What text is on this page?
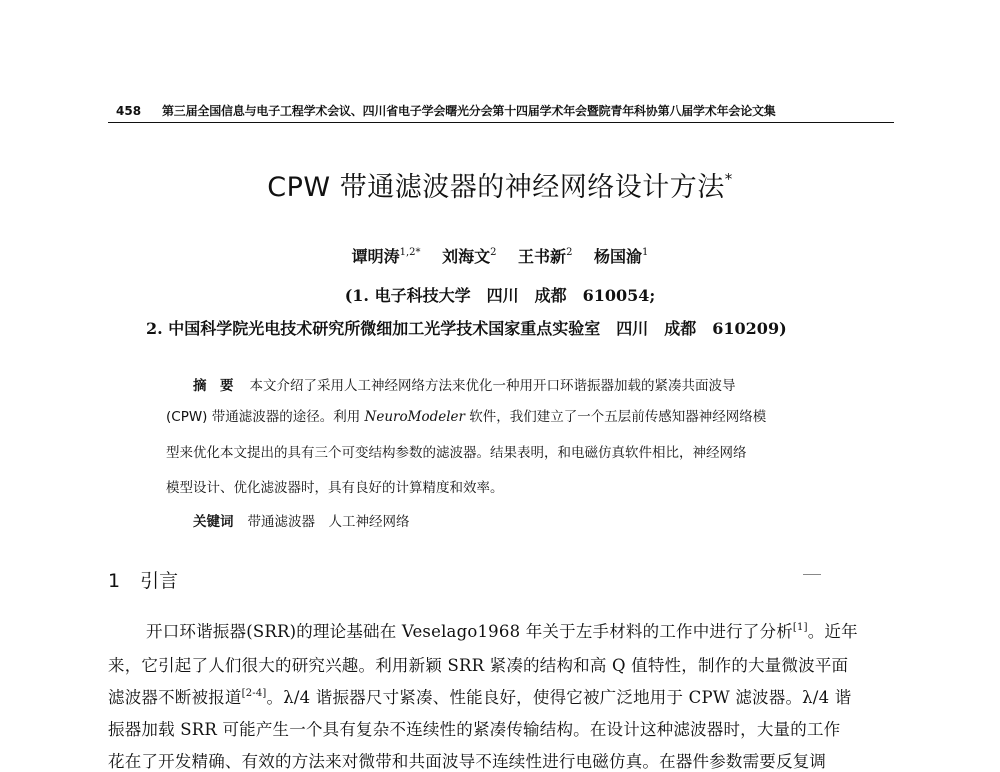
458 第三届全国信息与电子工程学术会议、四川省电子学会曙光分会第十四届学术年会暨院青年科协第八届学术年会论文集
CPW 带通滤波器的神经网络设计方法*
谭明涛$^{1,2*}$ 刘海文$^2$ 王书新$^2$ 杨国渝$^1$
(1. 电子科技大学　四川　成都　610054;
2. 中国科学院光电技术研究所微细加工光学技术国家重点实验室　四川　成都　610209)
摘　要 本文介绍了采用人工神经网络方法来优化一种用开口环谐振器加载的紧凑共面波导
(CPW) 带通滤波器的途径。利用 NeuroModeler 软件，我们建立了一个五层前传感知器神经网络模
型来优化本文提出的具有三个可变结构参数的滤波器。结果表明，和电磁仿真软件相比，神经网络
模型设计、优化滤波器时，具有良好的计算精度和效率。
关键词 带通滤波器　人工神经网络
1 引言
开口环谐振器(SRR)的理论基础在 Veselago1968 年关于左手材料的工作中进行了分析[1]。近年
来，它引起了人们很大的研究兴趣。利用新颖 SRR 紧凑的结构和高 Q 值特性，制作的大量微波平面
滤波器不断被报道[2-4]。λ/4 谐振器尺寸紧凑、性能良好，使得它被广泛地用于 CPW 滤波器。λ/4 谐
振器加载 SRR 可能产生一个具有复杂不连续性的紧凑传输结构。在设计这种滤波器时，大量的工作
花在了开发精确、有效的方法来对微带和共面波导不连续性进行电磁仿真。在器件参数需要反复调
